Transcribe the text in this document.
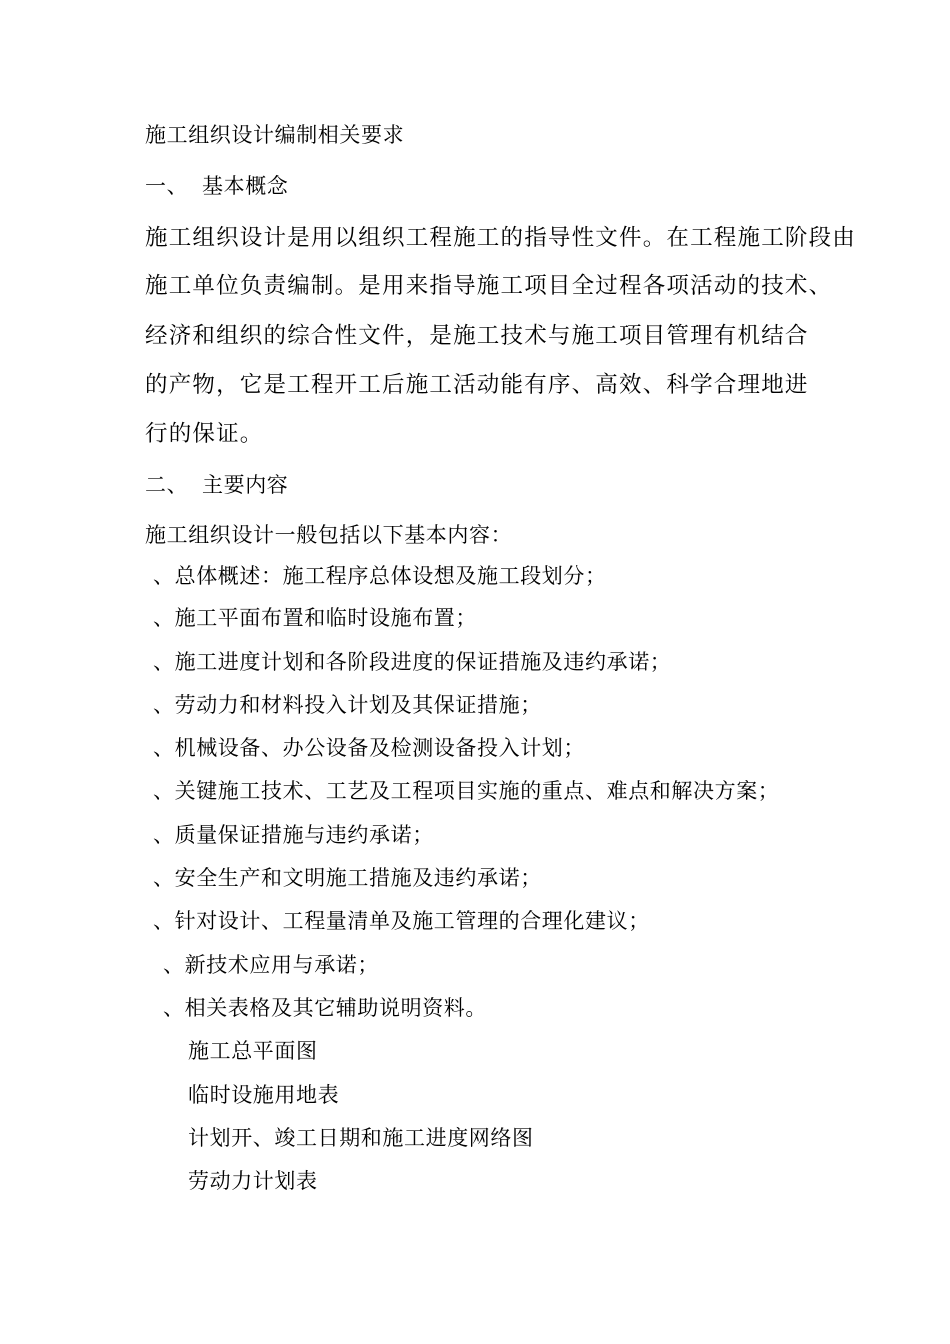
施工组织设计编制相关要求
一、 基本概念
施工组织设计是用以组织工程施工的指导性文件。在工程施工阶段由
施工单位负责编制。是用来指导施工项目全过程各项活动的技术、
经济和组织的综合性文件，是施工技术与施工项目管理有机结合
的产物，它是工程开工后施工活动能有序、高效、科学合理地进
行的保证。
二、 主要内容
施工组织设计一般包括以下基本内容：
、总体概述：施工程序总体设想及施工段划分；
、施工平面布置和临时设施布置；
、施工进度计划和各阶段进度的保证措施及违约承诺；
、劳动力和材料投入计划及其保证措施；
、机械设备、办公设备及检测设备投入计划；
、关键施工技术、工艺及工程项目实施的重点、难点和解决方案；
、质量保证措施与违约承诺；
、安全生产和文明施工措施及违约承诺；
、针对设计、工程量清单及施工管理的合理化建议；
、新技术应用与承诺；
、相关表格及其它辅助说明资料。
施工总平面图
临时设施用地表
计划开、竣工日期和施工进度网络图
劳动力计划表
